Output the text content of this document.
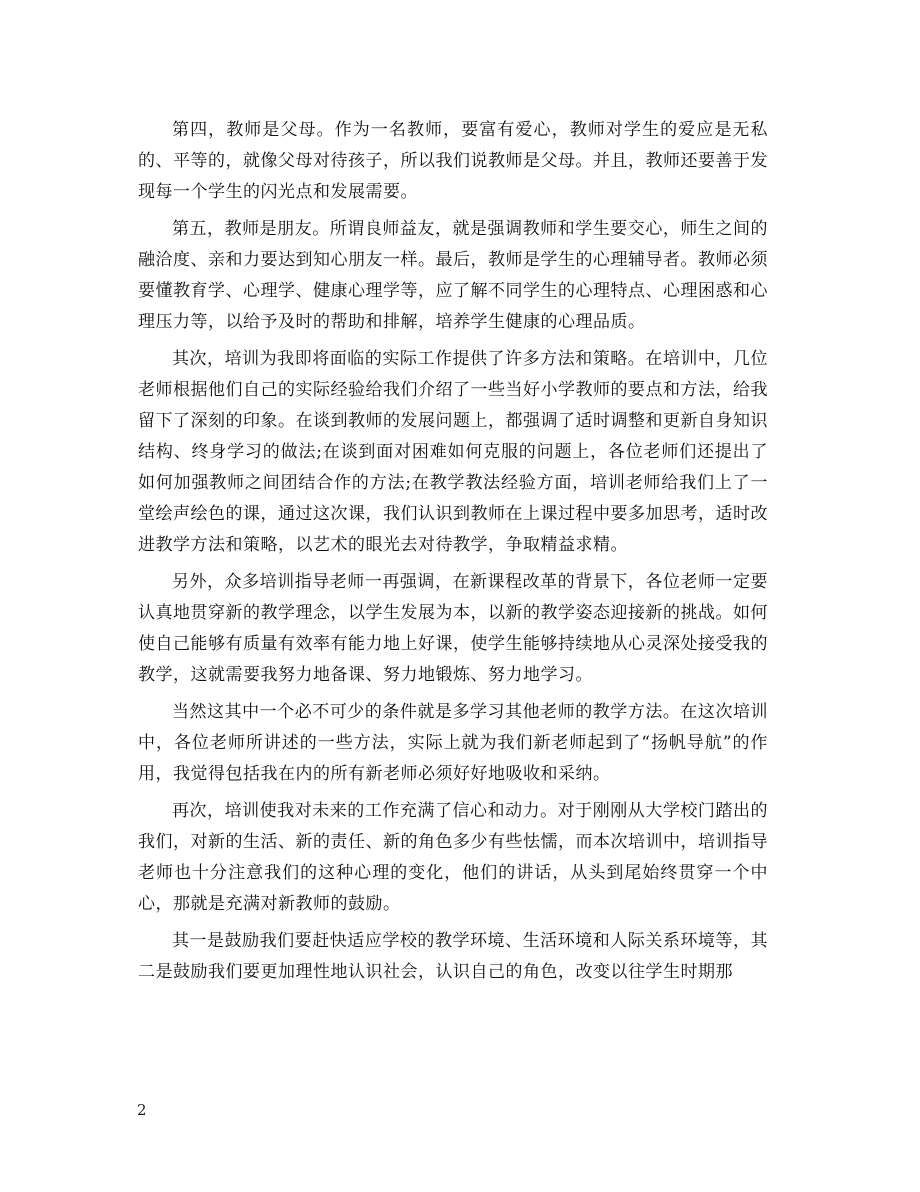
第四，教师是父母。作为一名教师，要富有爱心，教师对学生的爱应是无私的、平等的，就像父母对待孩子，所以我们说教师是父母。并且，教师还要善于发现每一个学生的闪光点和发展需要。

第五，教师是朋友。所谓良师益友，就是强调教师和学生要交心，师生之间的融洽度、亲和力要达到知心朋友一样。最后，教师是学生的心理辅导者。教师必须要懂教育学、心理学、健康心理学等，应了解不同学生的心理特点、心理困惑和心理压力等，以给予及时的帮助和排解，培养学生健康的心理品质。

其次，培训为我即将面临的实际工作提供了许多方法和策略。在培训中，几位老师根据他们自己的实际经验给我们介绍了一些当好小学教师的要点和方法，给我留下了深刻的印象。在谈到教师的发展问题上，都强调了适时调整和更新自身知识结构、终身学习的做法;在谈到面对困难如何克服的问题上，各位老师们还提出了如何加强教师之间团结合作的方法;在教学教法经验方面，培训老师给我们上了一堂绘声绘色的课，通过这次课，我们认识到教师在上课过程中要多加思考，适时改进教学方法和策略，以艺术的眼光去对待教学，争取精益求精。

另外，众多培训指导老师一再强调，在新课程改革的背景下，各位老师一定要认真地贯穿新的教学理念，以学生发展为本，以新的教学姿态迎接新的挑战。如何使自己能够有质量有效率有能力地上好课，使学生能够持续地从心灵深处接受我的教学，这就需要我努力地备课、努力地锻炼、努力地学习。

当然这其中一个必不可少的条件就是多学习其他老师的教学方法。在这次培训中，各位老师所讲述的一些方法，实际上就为我们新老师起到了“扬帆导航”的作用，我觉得包括我在内的所有新老师必须好好地吸收和采纳。

再次，培训使我对未来的工作充满了信心和动力。对于刚刚从大学校门踏出的我们，对新的生活、新的责任、新的角色多少有些怯懦，而本次培训中，培训指导老师也十分注意我们的这种心理的变化，他们的讲话，从头到尾始终贯穿一个中心，那就是充满对新教师的鼓励。

其一是鼓励我们要赶快适应学校的教学环境、生活环境和人际关系环境等，其二是鼓励我们要更加理性地认识社会，认识自己的角色，改变以往学生时期那

2
